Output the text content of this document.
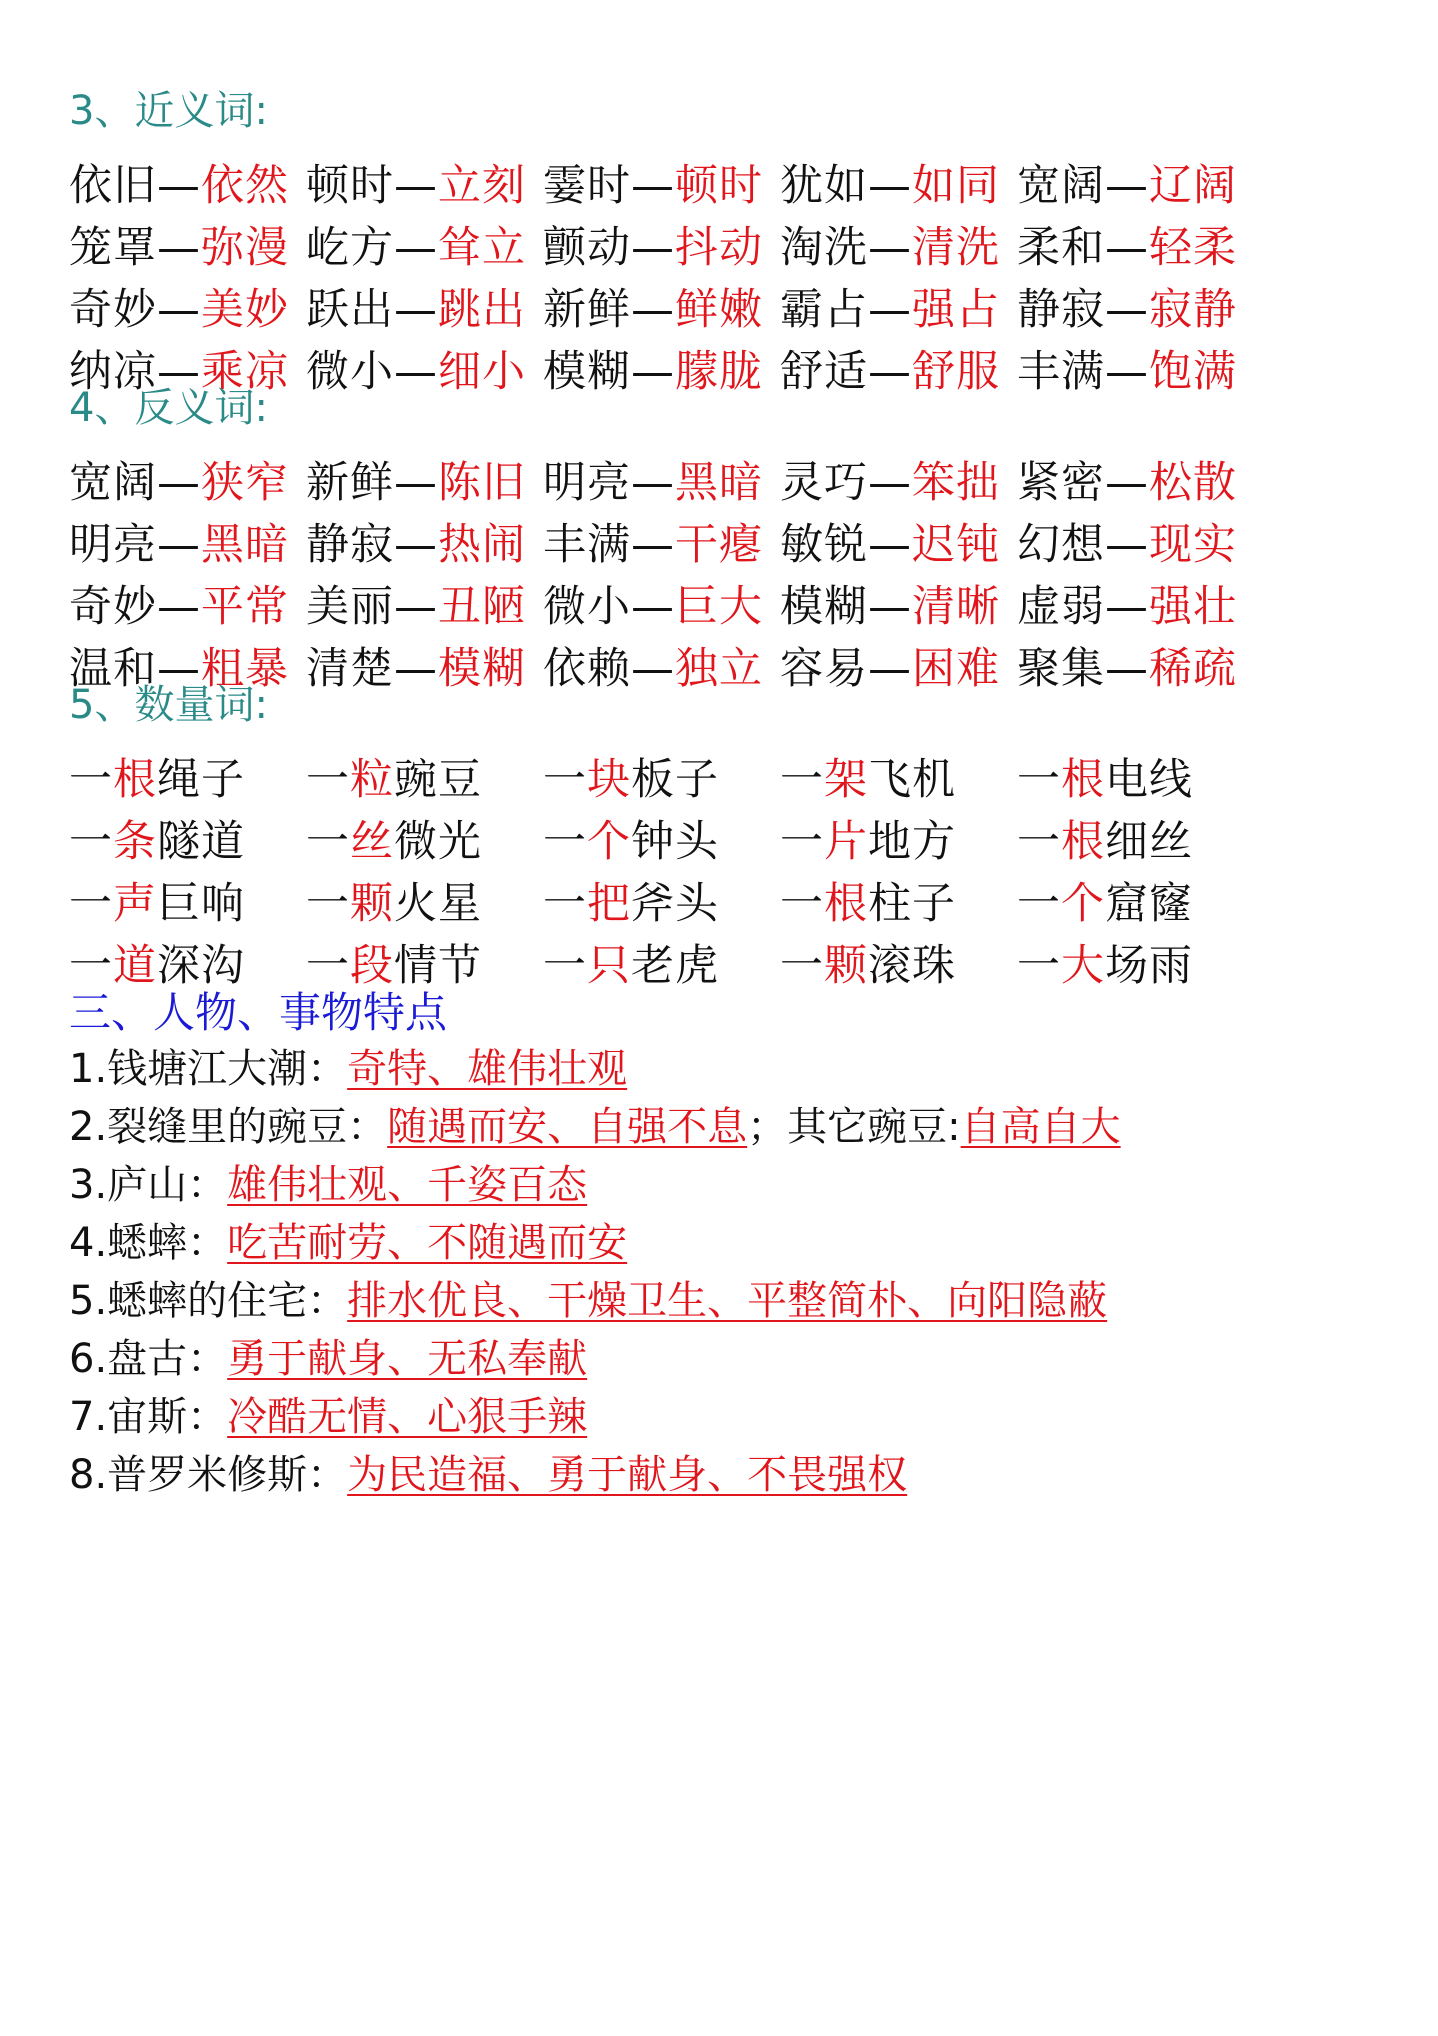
3、近义词:
依旧—依然 顿时—立刻 霎时—顿时 犹如—如同 宽阔—辽阔
笼罩—弥漫 屹方—耸立 颤动—抖动 淘洗—清洗 柔和—轻柔
奇妙—美妙 跃出—跳出 新鲜—鲜嫩 霸占—强占 静寂—寂静
纳凉—乘凉 微小—细小 模糊—朦胧 舒适—舒服 丰满—饱满
4、反义词:
宽阔—狭窄 新鲜—陈旧 明亮—黑暗 灵巧—笨拙 紧密—松散
明亮—黑暗 静寂—热闹 丰满—干瘪 敏锐—迟钝 幻想—现实
奇妙—平常 美丽—丑陋 微小—巨大 模糊—清晰 虚弱—强壮
温和—粗暴 清楚—模糊 依赖—独立 容易—困难 聚集—稀疏
5、数量词:
一根绳子 一粒豌豆 一块板子 一架飞机 一根电线
一条隧道 一丝微光 一个钟头 一片地方 一根细丝
一声巨响 一颗火星 一把斧头 一根柱子 一个窟窿
一道深沟 一段情节 一只老虎 一颗滚珠 一大场雨
三、人物、事物特点
1.钱塘江大潮：奇特、雄伟壮观
2.裂缝里的豌豆：随遇而安、自强不息；其它豌豆:自高自大
3.庐山：雄伟壮观、千姿百态
4.蟋蟀：吃苦耐劳、不随遇而安
5.蟋蟀的住宅：排水优良、干燥卫生、平整简朴、向阳隐蔽
6.盘古：勇于献身、无私奉献
7.宙斯：冷酷无情、心狠手辣
8.普罗米修斯：为民造福、勇于献身、不畏强权
